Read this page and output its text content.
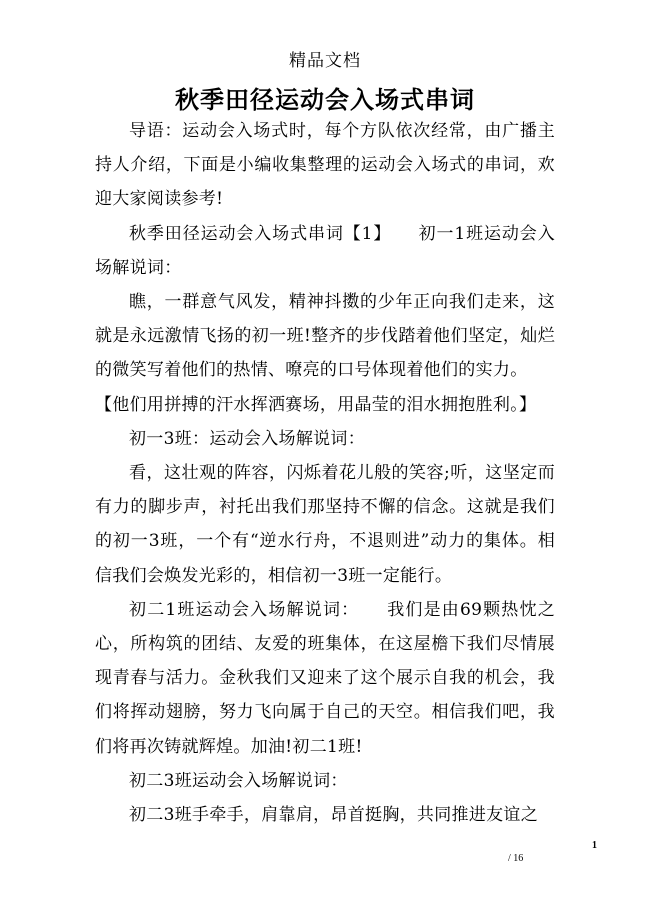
精品文档
秋季田径运动会入场式串词

导语：运动会入场式时，每个方队依次经常，由广播主持人介绍，下面是小编收集整理的运动会入场式的串词，欢迎大家阅读参考!

秋季田径运动会入场式串词【1】　　初一1班运动会入场解说词：

瞧，一群意气风发，精神抖擞的少年正向我们走来，这就是永远激情飞扬的初一班!整齐的步伐踏着他们坚定，灿烂的微笑写着他们的热情、嘹亮的口号体现着他们的实力。

【他们用拼搏的汗水挥洒赛场，用晶莹的泪水拥抱胜利。】

初一3班：运动会入场解说词：

看，这壮观的阵容，闪烁着花儿般的笑容;听，这坚定而有力的脚步声，衬托出我们那坚持不懈的信念。这就是我们的初一3班，一个有“逆水行舟，不退则进”动力的集体。相信我们会焕发光彩的，相信初一3班一定能行。

初二1班运动会入场解说词：　　我们是由69颗热忱之心，所构筑的团结、友爱的班集体，在这屋檐下我们尽情展现青春与活力。金秋我们又迎来了这个展示自我的机会，我们将挥动翅膀，努力飞向属于自己的天空。相信我们吧，我们将再次铸就辉煌。加油!初二1班!

初二3班运动会入场解说词：

初二3班手牵手，肩靠肩，昂首挺胸，共同推进友谊之

/ 16
1
